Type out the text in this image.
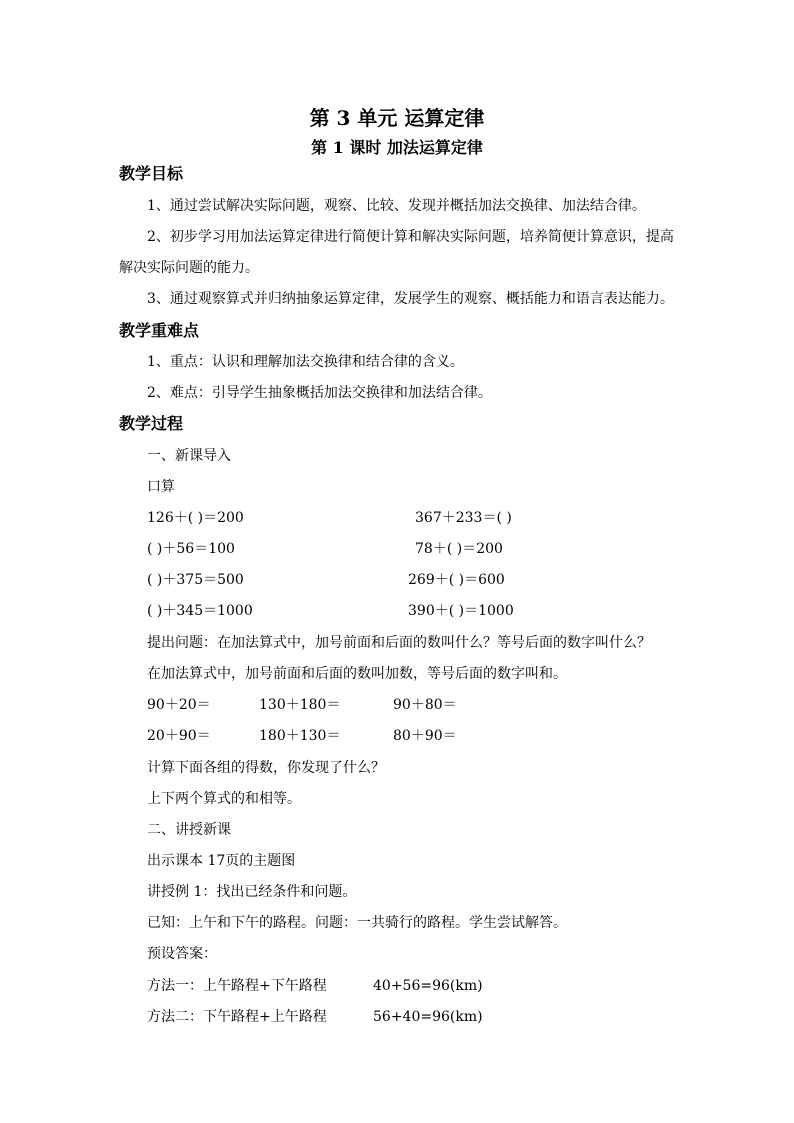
第 3 单元 运算定律
第 1 课时 加法运算定律
教学目标
1、通过尝试解决实际问题，观察、比较、发现并概括加法交换律、加法结合律。
2、初步学习用加法运算定律进行简便计算和解决实际问题，培养简便计算意识，提高
解决实际问题的能力。
3、通过观察算式并归纳抽象运算定律，发展学生的观察、概括能力和语言表达能力。
教学重难点
1、重点：认识和理解加法交换律和结合律的含义。
2、难点：引导学生抽象概括加法交换律和加法结合律。
教学过程
一、新课导入
口算
126＋( )＝200	367＋233＝( )
( )＋56＝100	78＋( )＝200
( )＋375＝500	269＋( )＝600
( )＋345＝1000	390＋( )＝1000
提出问题：在加法算式中，加号前面和后面的数叫什么？等号后面的数字叫什么？
在加法算式中，加号前面和后面的数叫加数，等号后面的数字叫和。
90＋20＝	130＋180＝	90＋80＝
20＋90＝	180＋130＝	80＋90＝
计算下面各组的得数，你发现了什么？
上下两个算式的和相等。
二、讲授新课
出示课本 17页的主题图
讲授例 1：找出已经条件和问题。
已知：上午和下午的路程。问题：一共骑行的路程。学生尝试解答。
预设答案：
方法一：上午路程+下午路程	40+56=96(km)
方法二：下午路程+上午路程	56+40=96(km)
